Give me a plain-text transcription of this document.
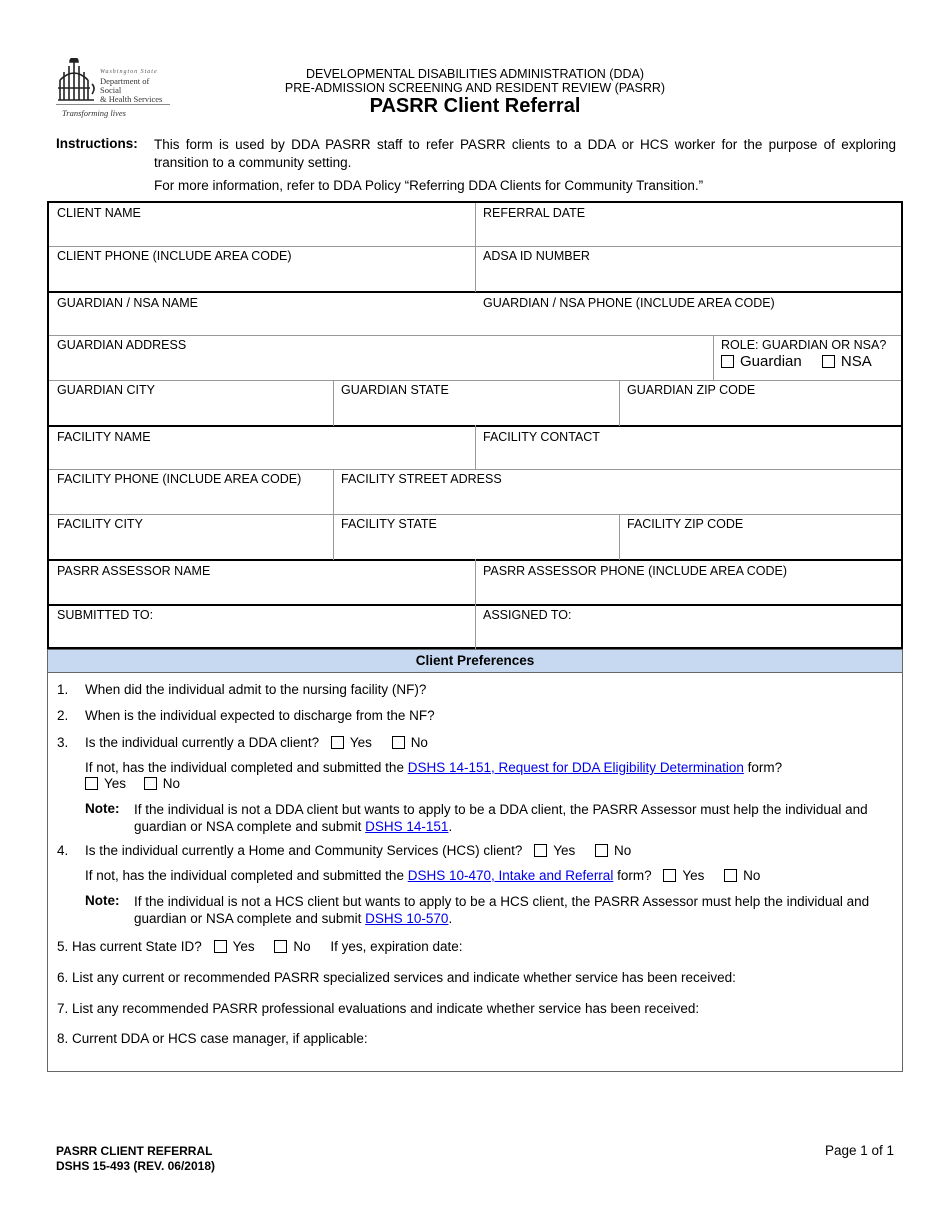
Washington State
Department of Social
& Health Services
Transforming lives
DEVELOPMENTAL DISABILITIES ADMINISTRATION (DDA)
PRE-ADMISSION SCREENING AND RESIDENT REVIEW (PASRR)
PASRR Client Referral
Instructions: This form is used by DDA PASRR staff to refer PASRR clients to a DDA or HCS worker for the purpose of exploring transition to a community setting.
For more information, refer to DDA Policy “Referring DDA Clients for Community Transition.”
CLIENT NAME	REFERRAL DATE
CLIENT PHONE (INCLUDE AREA CODE)	ADSA ID NUMBER
GUARDIAN / NSA NAME	GUARDIAN / NSA PHONE (INCLUDE AREA CODE)
GUARDIAN ADDRESS	ROLE: GUARDIAN OR NSA?
Guardian	NSA
GUARDIAN CITY	GUARDIAN STATE	GUARDIAN ZIP CODE
FACILITY NAME	FACILITY CONTACT
FACILITY PHONE (INCLUDE AREA CODE)	FACILITY STREET ADRESS
FACILITY CITY	FACILITY STATE	FACILITY ZIP CODE
PASRR ASSESSOR NAME	PASRR ASSESSOR PHONE (INCLUDE AREA CODE)
SUBMITTED TO:	ASSIGNED TO:
Client Preferences
1. When did the individual admit to the nursing facility (NF)?
2. When is the individual expected to discharge from the NF?
3. Is the individual currently a DDA client? Yes	No
If not, has the individual completed and submitted the DSHS 14-151, Request for DDA Eligibility Determination form?
Yes	No
Note: If the individual is not a DDA client but wants to apply to be a DDA client, the PASRR Assessor must help the individual and guardian or NSA complete and submit DSHS 14-151.
4. Is the individual currently a Home and Community Services (HCS) client? Yes	No
If not, has the individual completed and submitted the DSHS 10-470, Intake and Referral form? Yes	No
Note: If the individual is not a HCS client but wants to apply to be a HCS client, the PASRR Assessor must help the individual and guardian or NSA complete and submit DSHS 10-570.
5. Has current State ID? Yes	No If yes, expiration date:
6. List any current or recommended PASRR specialized services and indicate whether service has been received:
7. List any recommended PASRR professional evaluations and indicate whether service has been received:
8. Current DDA or HCS case manager, if applicable:
PASRR CLIENT REFERRAL
DSHS 15-493 (REV. 06/2018)
Page 1 of 1
